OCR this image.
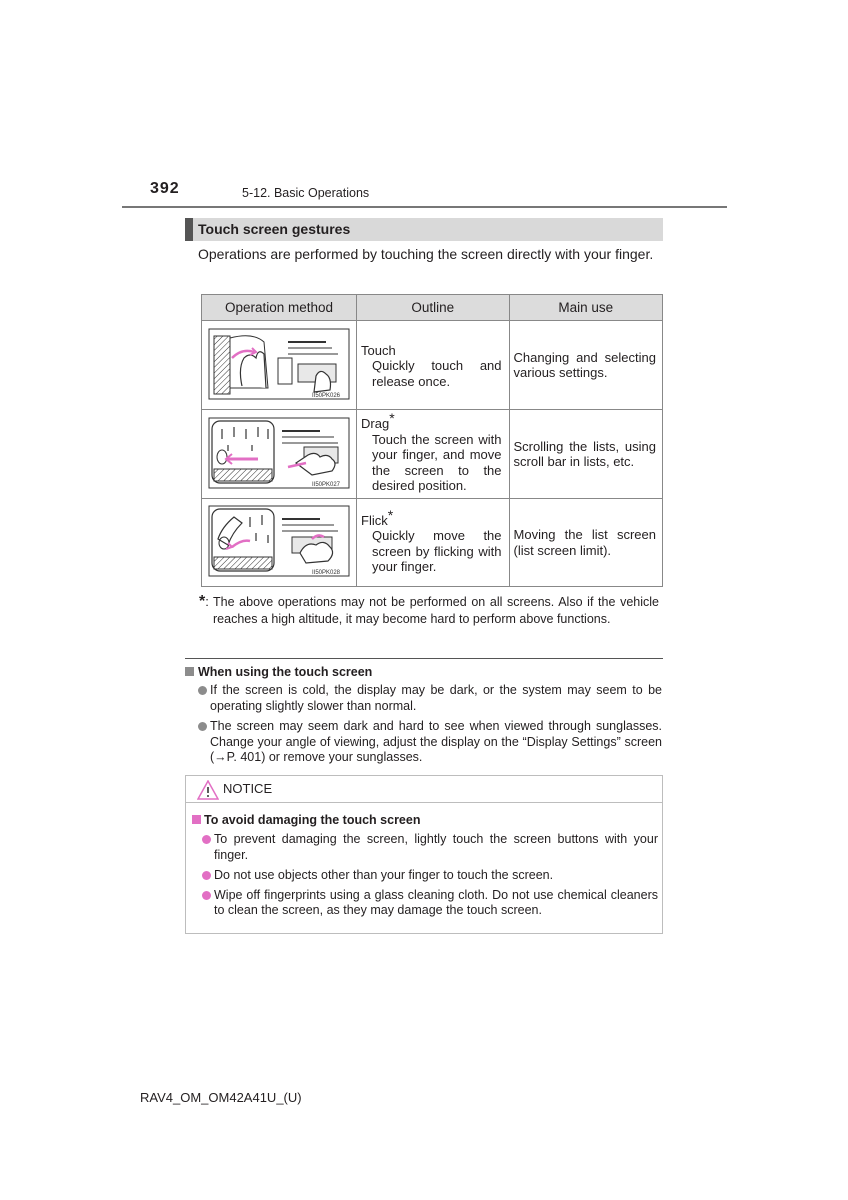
392	5-12. Basic Operations
Touch screen gestures
Operations are performed by touching the screen directly with your finger.
Operation method	Outline	Main use

II50PK026	Touch
Quickly touch and release once.	Changing and selecting various settings.

II50PK027	Drag*
Touch the screen with your finger, and move the screen to the desired position.	Scrolling the lists, using scroll bar in lists, etc.

II50PK028	Flick*
Quickly move the screen by flicking with your finger.	Moving the list screen (list screen limit).
*: The above operations may not be performed on all screens. Also if the vehicle reaches a high altitude, it may become hard to perform above functions.
When using the touch screen
If the screen is cold, the display may be dark, or the system may seem to be operating slightly slower than normal.
The screen may seem dark and hard to see when viewed through sunglasses. Change your angle of viewing, adjust the display on the “Display Settings” screen (→P. 401) or remove your sunglasses.
NOTICE
To avoid damaging the touch screen
To prevent damaging the screen, lightly touch the screen buttons with your finger.
Do not use objects other than your finger to touch the screen.
Wipe off fingerprints using a glass cleaning cloth. Do not use chemical cleaners to clean the screen, as they may damage the touch screen.
RAV4_OM_OM42A41U_(U)
